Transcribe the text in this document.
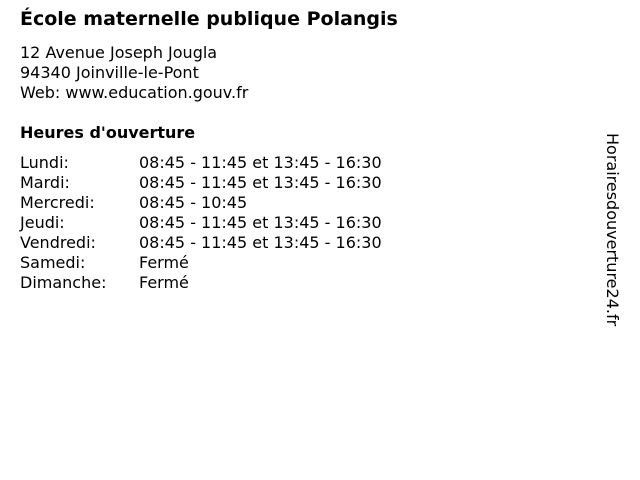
École maternelle publique Polangis
12 Avenue Joseph Jougla
94340 Joinville-le-Pont
Web: www.education.gouv.fr
Heures d'ouverture
Lundi:	08:45 - 11:45 et 13:45 - 16:30
Mardi:	08:45 - 11:45 et 13:45 - 16:30
Mercredi:	08:45 - 10:45
Jeudi:	08:45 - 11:45 et 13:45 - 16:30
Vendredi:	08:45 - 11:45 et 13:45 - 16:30
Samedi:	Fermé
Dimanche:	Fermé	Horairesdouverture24.fr
